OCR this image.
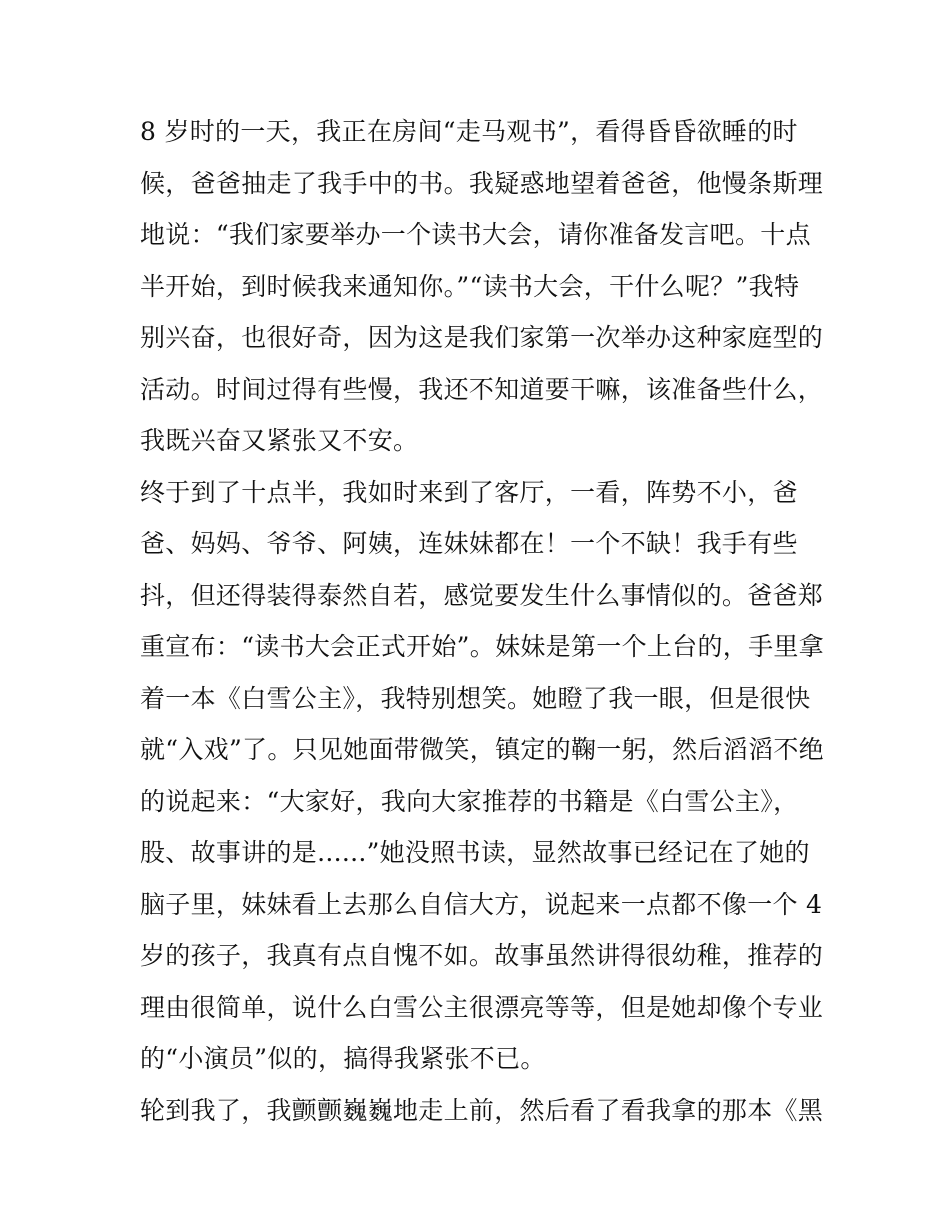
8 岁时的一天，我正在房间“走马观书”，看得昏昏欲睡的时
候，爸爸抽走了我手中的书。我疑惑地望着爸爸，他慢条斯理
地说：“我们家要举办一个读书大会，请你准备发言吧。十点
半开始，到时候我来通知你。”“读书大会，干什么呢？”我特
别兴奋，也很好奇，因为这是我们家第一次举办这种家庭型的
活动。时间过得有些慢，我还不知道要干嘛，该准备些什么，
我既兴奋又紧张又不安。

终于到了十点半，我如时来到了客厅，一看，阵势不小，爸
爸、妈妈、爷爷、阿姨，连妹妹都在！一个不缺！我手有些
抖，但还得装得泰然自若，感觉要发生什么事情似的。爸爸郑
重宣布：“读书大会正式开始”。妹妹是第一个上台的，手里拿
着一本《白雪公主》，我特别想笑。她瞪了我一眼，但是很快
就“入戏”了。只见她面带微笑，镇定的鞠一躬，然后滔滔不绝
的说起来：“大家好，我向大家推荐的书籍是《白雪公主》，
股、故事讲的是......”她没照书读，显然故事已经记在了她的
脑子里，妹妹看上去那么自信大方，说起来一点都不像一个 4
岁的孩子，我真有点自愧不如。故事虽然讲得很幼稚，推荐的
理由很简单，说什么白雪公主很漂亮等等，但是她却像个专业
的“小演员”似的，搞得我紧张不已。

轮到我了，我颤颤巍巍地走上前，然后看了看我拿的那本《黑
